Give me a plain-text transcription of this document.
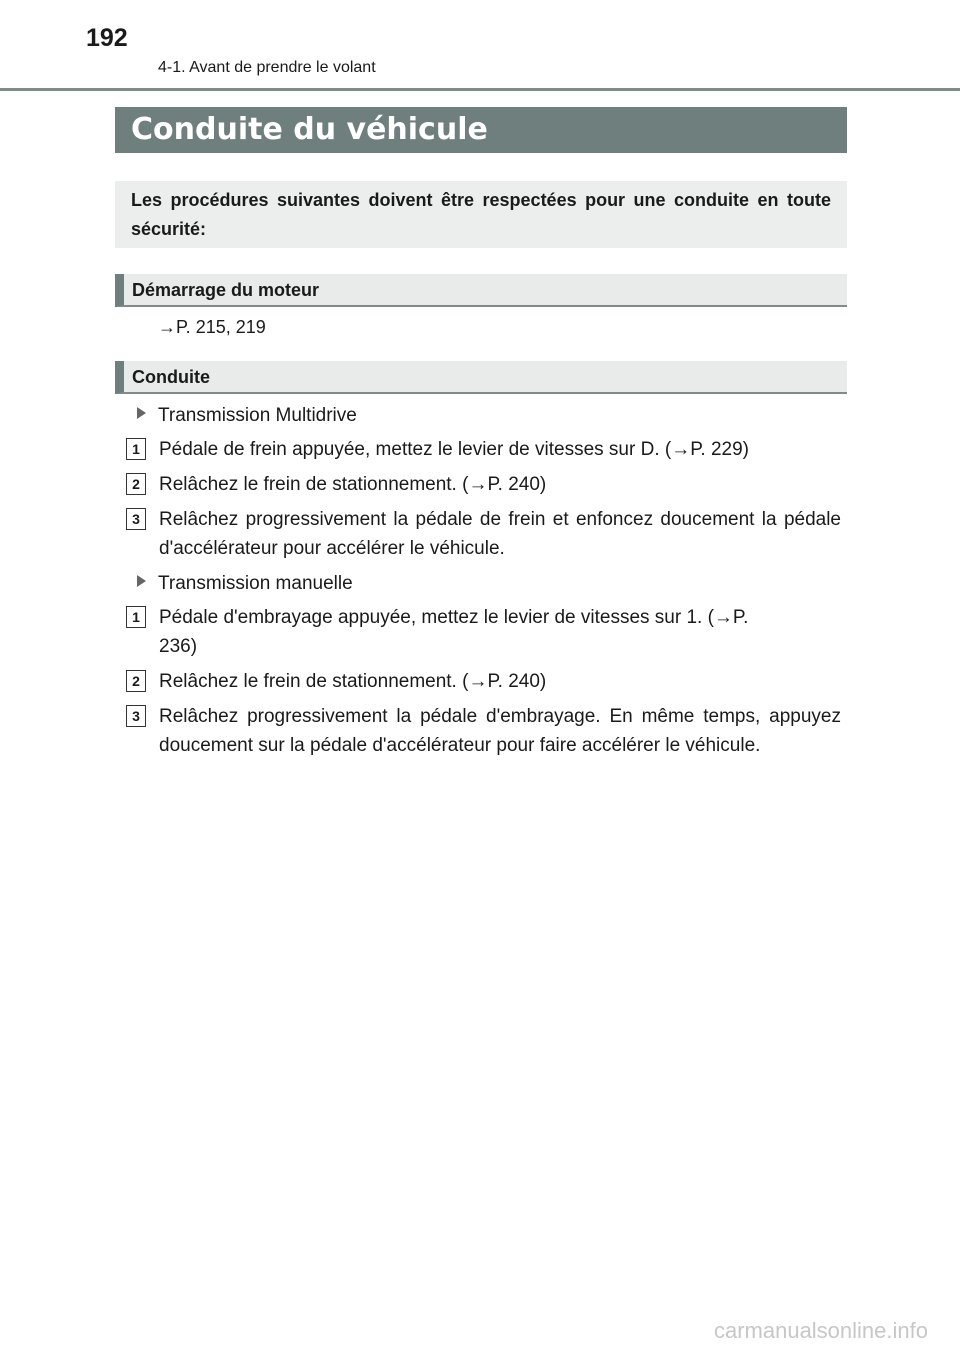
192
4-1. Avant de prendre le volant
Conduite du véhicule
Les procédures suivantes doivent être respectées pour une conduite en toute sécurité:
Démarrage du moteur
→P. 215, 219
Conduite
Transmission Multidrive
1	Pédale de frein appuyée, mettez le levier de vitesses sur D. (→P. 229)
2	Relâchez le frein de stationnement. (→P. 240)
3	Relâchez progressivement la pédale de frein et enfoncez doucement la pédale d'accélérateur pour accélérer le véhicule.
Transmission manuelle
1	Pédale d'embrayage appuyée, mettez le levier de vitesses sur 1. (→P. 236)
2	Relâchez le frein de stationnement. (→P. 240)
3	Relâchez progressivement la pédale d'embrayage. En même temps, appuyez doucement sur la pédale d'accélérateur pour faire accélérer le véhicule.
carmanualsonline.info
